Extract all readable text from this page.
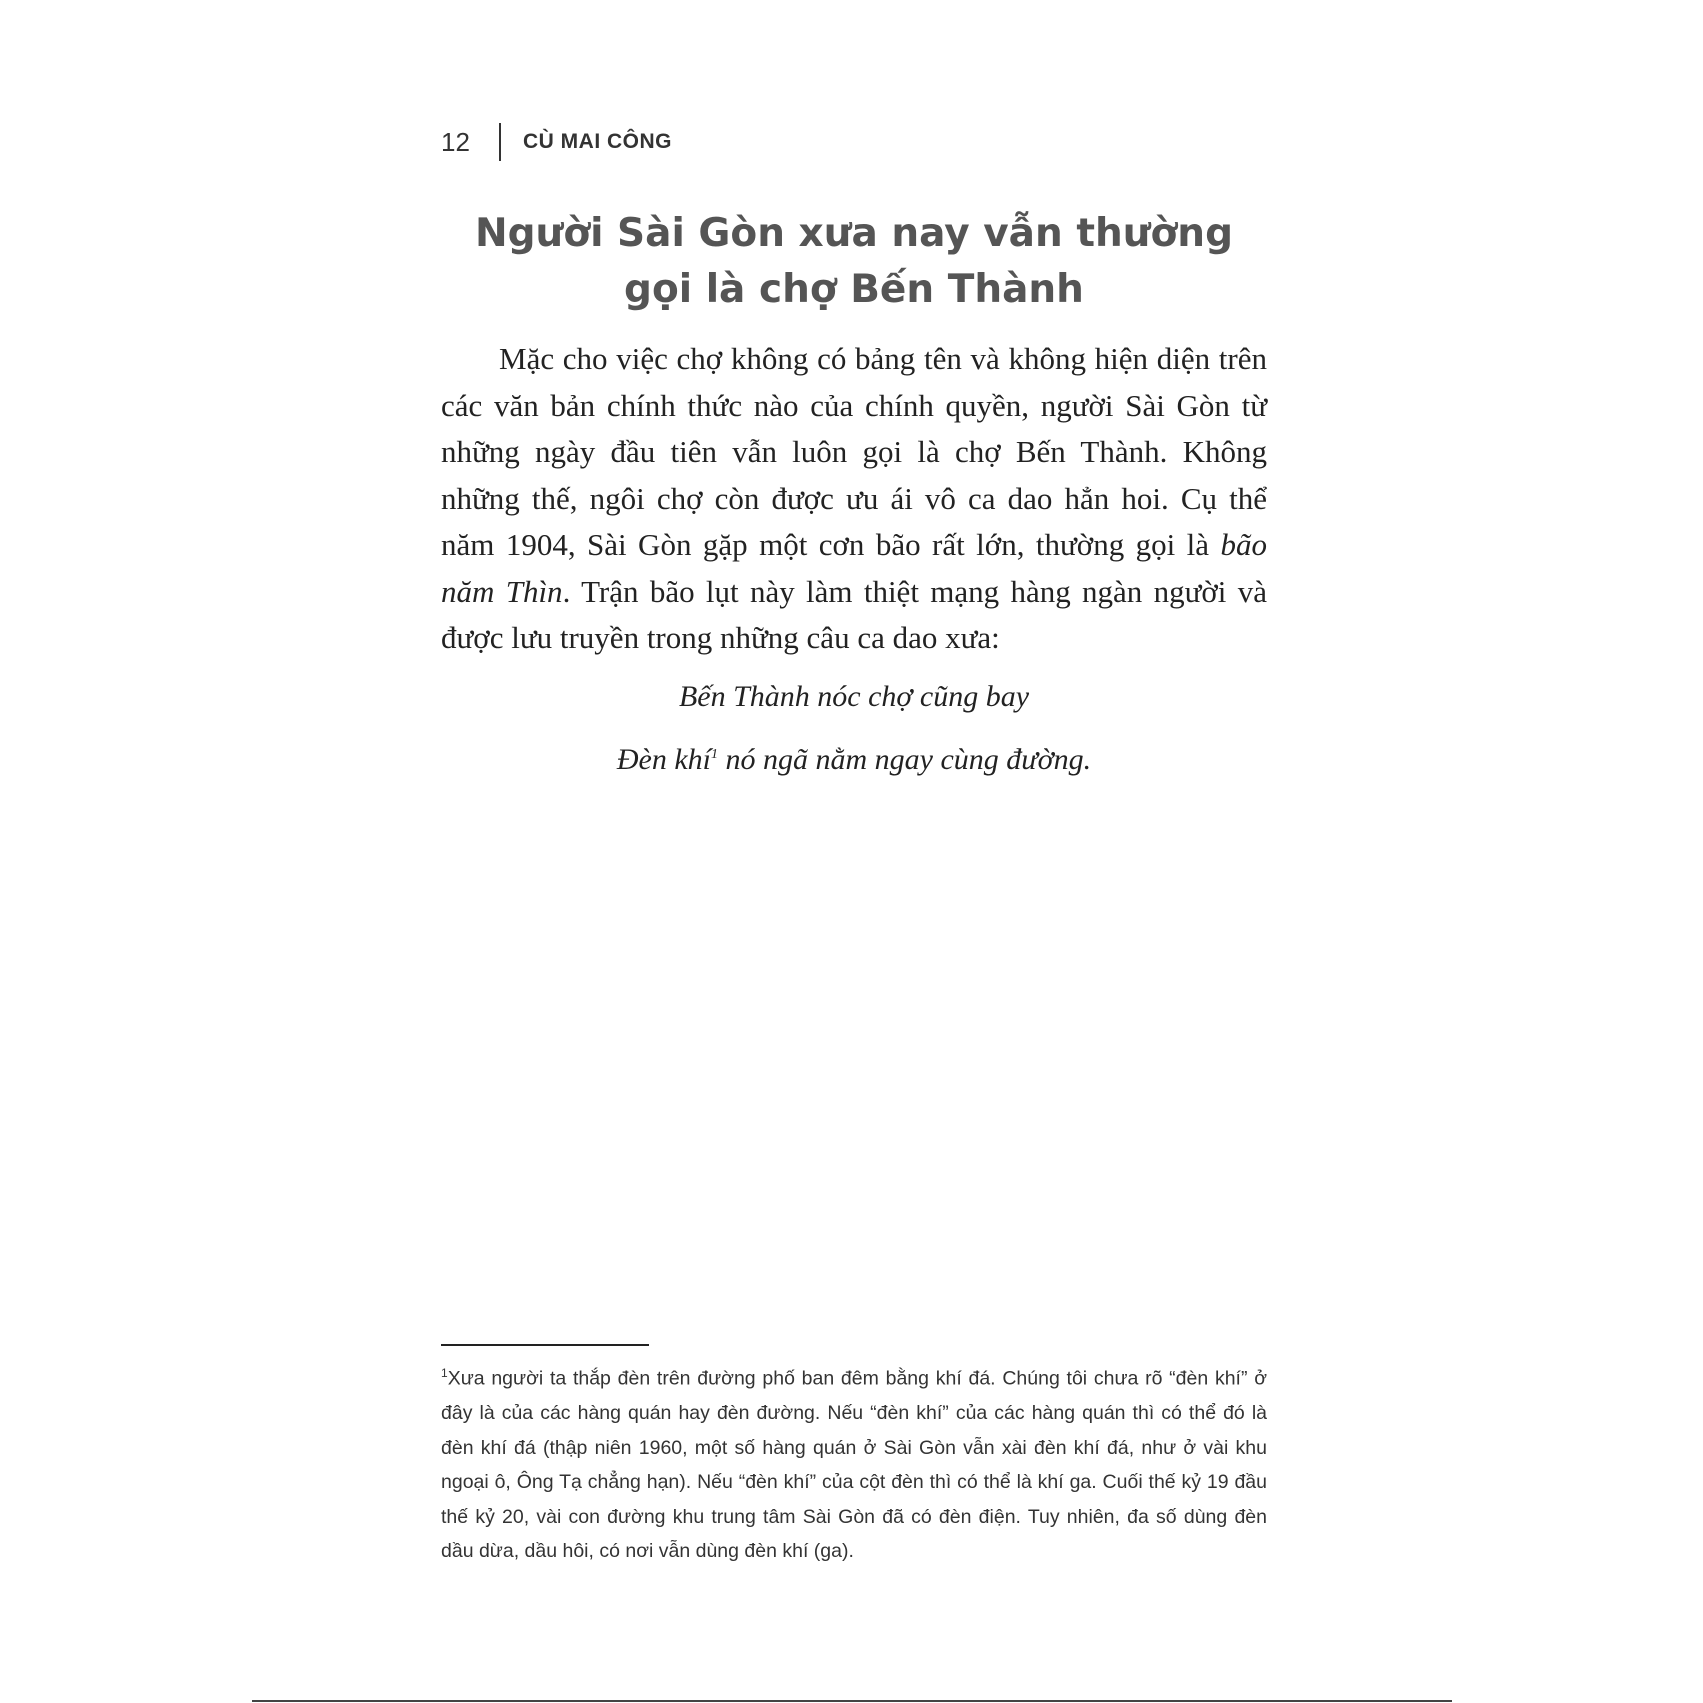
12	CÙ MAI CÔNG
Người Sài Gòn xưa nay vẫn thường
gọi là chợ Bến Thành

Mặc cho việc chợ không có bảng tên và không hiện diện trên các văn bản chính thức nào của chính quyền, người Sài Gòn từ những ngày đầu tiên vẫn luôn gọi là chợ Bến Thành. Không những thế, ngôi chợ còn được ưu ái vô ca dao hẳn hoi. Cụ thể năm 1904, Sài Gòn gặp một cơn bão rất lớn, thường gọi là bão năm Thìn. Trận bão lụt này làm thiệt mạng hàng ngàn người và được lưu truyền trong những câu ca dao xưa:

Bến Thành nóc chợ cũng bay
Đèn khí$^1$ nó ngã nằm ngay cùng đường.

$^1$Xưa người ta thắp đèn trên đường phố ban đêm bằng khí đá. Chúng tôi chưa rõ “đèn khí” ở đây là của các hàng quán hay đèn đường. Nếu “đèn khí” của các hàng quán thì có thể đó là đèn khí đá (thập niên 1960, một số hàng quán ở Sài Gòn vẫn xài đèn khí đá, như ở vài khu ngoại ô, Ông Tạ chẳng hạn). Nếu “đèn khí” của cột đèn thì có thể là khí ga. Cuối thế kỷ 19 đầu thế kỷ 20, vài con đường khu trung tâm Sài Gòn đã có đèn điện. Tuy nhiên, đa số dùng đèn dầu dừa, dầu hôi, có nơi vẫn dùng đèn khí (ga).
